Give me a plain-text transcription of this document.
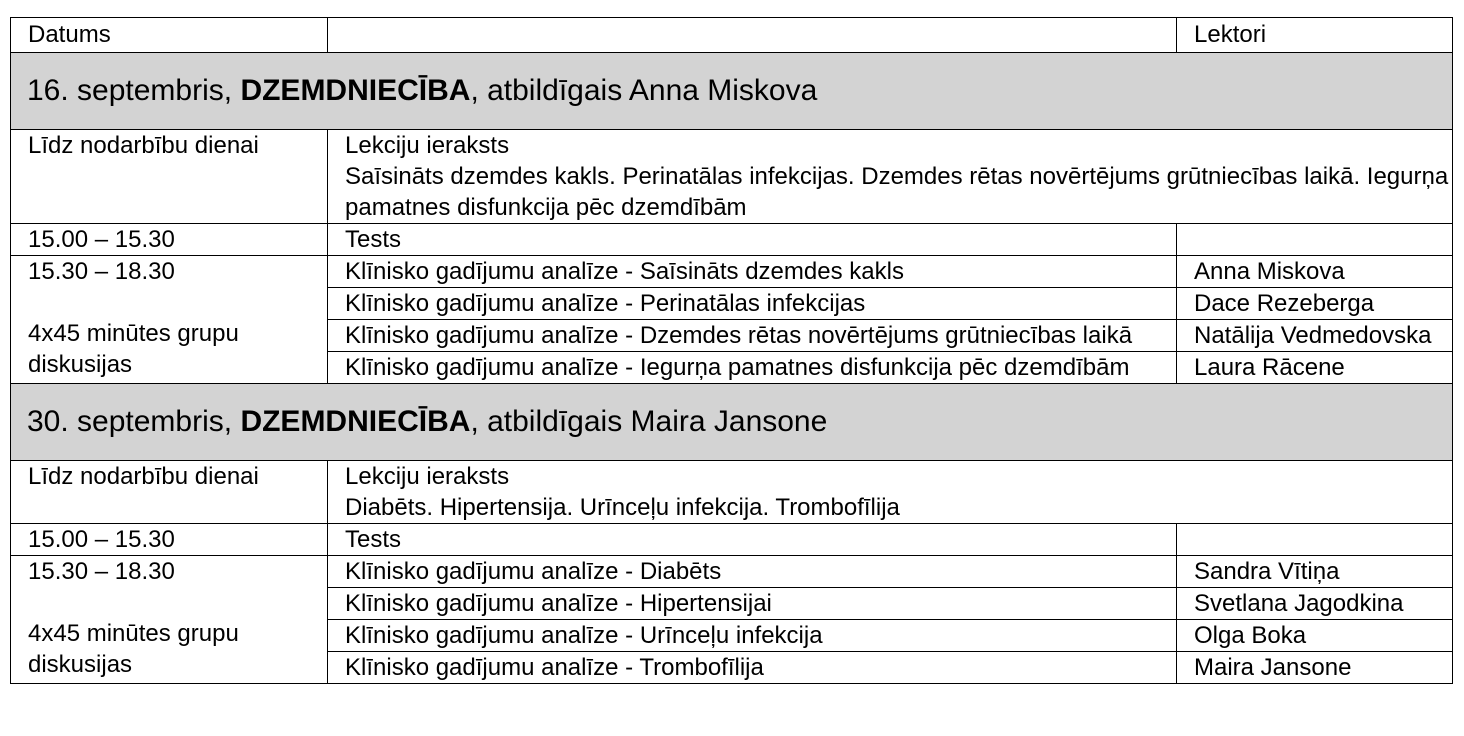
Datums		Lektori
16. septembris, DZEMDNIECĪBA, atbildīgais Anna Miskova		
Līdz nodarbību dienai	Lekciju ieraksts
Saīsināts dzemdes kakls. Perinatālas infekcijas. Dzemdes rētas novērtējums grūtniecības laikā. Iegurņa pamatnes disfunkcija pēc dzemdībām	

15.00 – 15.30	Tests	

15.30 – 18.30
4x45 minūtes grupu diskusijas	Klīnisko gadījumu analīze - Saīsināts dzemdes kakls	Anna Miskova
	Klīnisko gadījumu analīze - Perinatālas infekcijas	Dace Rezeberga
	Klīnisko gadījumu analīze - Dzemdes rētas novērtējums grūtniecības laikā	Natālija Vedmedovska
	Klīnisko gadījumu analīze - Iegurņa pamatnes disfunkcija pēc dzemdībām	Laura Rācene
30. septembris, DZEMDNIECĪBA, atbildīgais Maira Jansone		
Līdz nodarbību dienai	Lekciju ieraksts
Diabēts. Hipertensija. Urīnceļu infekcija. Trombofīlija	

15.00 – 15.30	Tests	

15.30 – 18.30
4x45 minūtes grupu diskusijas	Klīnisko gadījumu analīze - Diabēts	Sandra Vītiņa
	Klīnisko gadījumu analīze - Hipertensijai	Svetlana Jagodkina
	Klīnisko gadījumu analīze - Urīnceļu infekcija	Olga Boka
	Klīnisko gadījumu analīze - Trombofīlija	Maira Jansone
